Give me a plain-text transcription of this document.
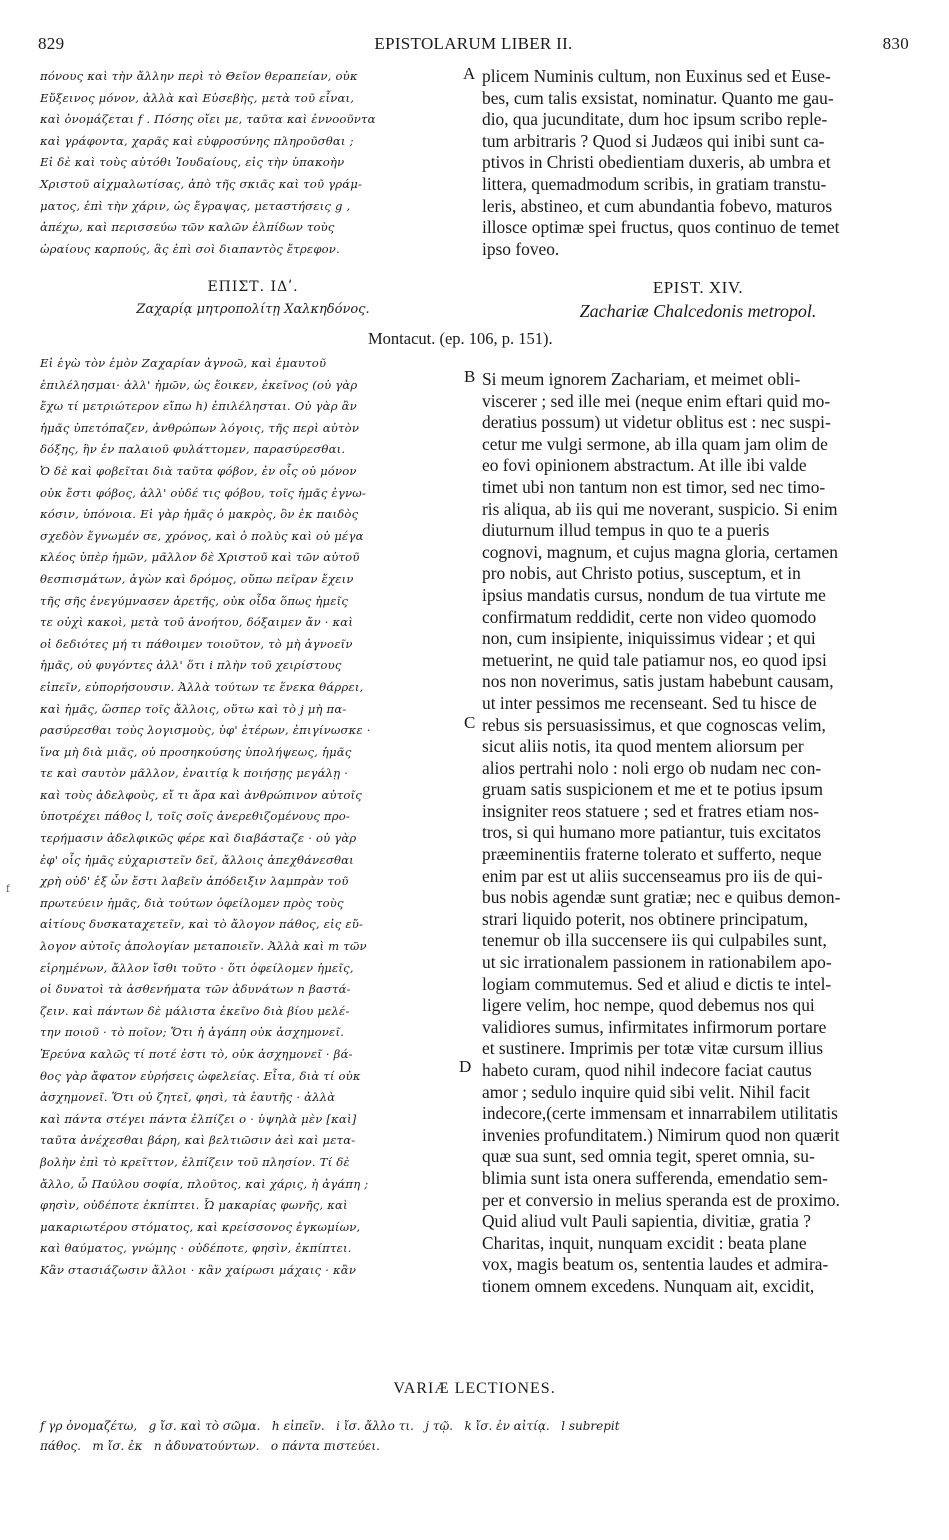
829	EPISTOLARUM LIBER II.	830
πόνους καὶ τὴν ἄλλην περὶ τὸ Θεῖον θεραπείαν, οὐκ
Εὔξεινος μόνον, ἀλλὰ καὶ Εὐσεβὴς, μετὰ τοῦ εἶναι,
καὶ ὀνομάζεται f . Πόσης οἴει με, ταῦτα καὶ ἐννοοῦντα
καὶ γράφοντα, χαρᾶς καὶ εὐφροσύνης πληροῦσθαι ;
Εἰ δὲ καὶ τοὺς αὐτόθι Ἰουδαίους, εἰς τὴν ὑπακοὴν
Χριστοῦ αἰχμαλωτίσας, ἀπὸ τῆς σκιᾶς καὶ τοῦ γράμ-
ματος, ἐπὶ τὴν χάριν, ὡς ἔγραψας, μεταστήσεις g ,
ἀπέχω, καὶ περισσεύω τῶν καλῶν ἐλπίδων τοὺς
ὡραίους καρπούς, ἃς ἐπὶ σοὶ διαπαντὸς ἔτρεφον.
plicem Numinis cultum, non Euxinus sed et Euse-
bes, cum talis exsistat, nominatur. Quanto me gau-
dio, qua jucunditate, dum hoc ipsum scribo reple-
tum arbitraris ? Quod si Judæos qui inibi sunt ca-
ptivos in Christi obedientiam duxeris, ab umbra et
littera, quemadmodum scribis, in gratiam transtu-
leris, abstineo, et cum abundantia fobevo, maturos
illosce optimæ spei fructus, quos continuo de temet
ipso foveo.
ΕΠΙΣΤ. ΙΔʹ.
Ζαχαρίᾳ μητροπολίτῃ Χαλκηδόνος.
EPIST. XIV.
Zachariæ Chalcedonis metropol.
Montacut. (ep. 106, p. 151).
Εἰ ἐγὼ τὸν ἐμὸν Ζαχαρίαν ἀγνοῶ, καὶ ἐμαυτοῦ
ἐπιλέλησμαι· ἀλλ' ἡμῶν, ὡς ἔοικεν, ἐκεῖνος (οὐ γὰρ
ἔχω τί μετριώτερον εἴπω h) ἐπιλέλησται. Οὐ γὰρ ἂν
ἡμᾶς ὑπετόπαζεν, ἀνθρώπων λόγοις, τῆς περὶ αὐτὸν
δόξης, ἣν ἐν παλαιοῦ φυλάττομεν, παρασύρεσθαι.
Ὁ δὲ καὶ φοβεῖται διὰ ταῦτα φόβον, ἐν οἷς οὐ μόνον
οὐκ ἔστι φόβος, ἀλλ' οὐδέ τις φόβου, τοῖς ἡμᾶς ἐγνω-
κόσιν, ὑπόνοια. Εἰ γὰρ ἡμᾶς ὁ μακρὸς, ὃν ἐκ παιδὸς
σχεδὸν ἔγνωμέν σε, χρόνος, καὶ ὁ πολὺς καὶ οὐ μέγα
κλέος ὑπὲρ ἡμῶν, μᾶλλον δὲ Χριστοῦ καὶ τῶν αὐτοῦ
θεσπισμάτων, ἀγὼν καὶ δρόμος, οὔπω πεῖραν ἔχειν
τῆς σῆς ἐνεγύμνασεν ἀρετῆς, οὐκ οἶδα ὅπως ἡμεῖς
τε οὐχὶ κακοὶ, μετὰ τοῦ ἀνοήτου, δόξαιμεν ἄν · καὶ
οἱ δεδιότες μή τι πάθοιμεν τοιοῦτον, τὸ μὴ ἀγνοεῖν
ἡμᾶς, οὐ φυγόντες ἀλλ' ὅτι i πλὴν τοῦ χειρίστους
εἰπεῖν, εὐπορήσουσιν. Ἀλλὰ τούτων τε ἕνεκα θάρρει,
καὶ ἡμᾶς, ὥσπερ τοῖς ἄλλοις, οὕτω καὶ τὸ j μὴ πα-
ρασύρεσθαι τοὺς λογισμοὺς, ὑφ' ἑτέρων, ἐπιγίνωσκε ·
ἵνα μὴ διὰ μιᾶς, οὐ προσηκούσης ὑπολήψεως, ἡμᾶς
τε καὶ σαυτὸν μᾶλλον, ἐναιτίᾳ k ποιήσῃς μεγάλῃ ·
καὶ τοὺς ἀδελφοὺς, εἴ τι ἄρα καὶ ἀνθρώπινον αὐτοῖς
ὑποτρέχει πάθος l, τοῖς σοῖς ἀνερεθιζομένους προ-
τερήμασιν ἀδελφικῶς φέρε καὶ διαβάσταζε · οὐ γὰρ
ἐφ' οἷς ἡμᾶς εὐχαριστεῖν δεῖ, ἄλλοις ἀπεχθάνεσθαι
χρὴ οὐδ' ἐξ ὧν ἔστι λαβεῖν ἀπόδειξιν λαμπρὰν τοῦ
πρωτεύειν ἡμᾶς, διὰ τούτων ὀφείλομεν πρὸς τοὺς
αἰτίους δυσκαταχετεῖν, καὶ τὸ ἄλογον πάθος, εἰς εὔ-
λογον αὐτοῖς ἀπολογίαν μεταποιεῖν. Ἀλλὰ καὶ m τῶν
εἰρημένων, ἄλλον ἴσθι τοῦτο · ὅτι ὀφείλομεν ἡμεῖς,
οἱ δυνατοὶ τὰ ἀσθενήματα τῶν ἀδυνάτων n βαστά-
ζειν. καὶ πάντων δὲ μάλιστα ἐκεῖνο διὰ βίου μελέ-
την ποιοῦ · τὸ ποῖον; Ὅτι ἡ ἀγάπη οὐκ ἀσχημονεῖ.
Ἐρεύνα καλῶς τί ποτέ ἐστι τὸ, οὐκ ἀσχημονεῖ · βά-
θος γὰρ ἄφατον εὑρήσεις ὠφελείας. Εἶτα, διὰ τί οὐκ
ἀσχημονεῖ. Ὅτι οὐ ζητεῖ, φησὶ, τὰ ἑαυτῆς · ἀλλὰ
καὶ πάντα στέγει πάντα ἐλπίζει o · ὑψηλὰ μὲν [καὶ]
ταῦτα ἀνέχεσθαι βάρη, καὶ βελτιῶσιν ἀεὶ καὶ μετα-
βολὴν ἐπὶ τὸ κρεῖττον, ἐλπίζειν τοῦ πλησίον. Τί δὲ
ἄλλο, ὦ Παύλου σοφία, πλοῦτος, καὶ χάρις, ἡ ἀγάπη ;
φησὶν, οὐδέποτε ἐκπίπτει. Ὦ μακαρίας φωνῆς, καὶ
μακαριωτέρου στόματος, καὶ κρείσσονος ἐγκωμίων,
καὶ θαύματος, γνώμης · οὐδέποτε, φησὶν, ἐκπίπτει.
Κἂν στασιάζωσιν ἄλλοι · κἂν χαίρωσι μάχαις · κἂν
Si meum ignorem Zachariam, et meimet obli-
viscerer ; sed ille mei (neque enim eftari quid mo-
deratius possum) ut videtur oblitus est : nec suspi-
cetur me vulgi sermone, ab illa quam jam olim de
eo fovi opinionem abstractum. At ille ibi valde
timet ubi non tantum non est timor, sed nec timo-
ris aliqua, ab iis qui me noverant, suspicio. Si enim
diuturnum illud tempus in quo te a pueris
cognovi, magnum, et cujus magna gloria, certamen
pro nobis, aut Christo potius, susceptum, et in
ipsius mandatis cursus, nondum de tua virtute me
confirmatum reddidit, certe non video quomodo
non, cum insipiente, iniquissimus videar ; et qui
metuerint, ne quid tale patiamur nos, eo quod ipsi
nos non noverimus, satis justam habebunt causam,
ut inter pessimos me recenseant. Sed tu hisce de
rebus sis persuasissimus, et que cognoscas velim,
sicut aliis notis, ita quod mentem aliorsum per
alios pertrahi nolo : noli ergo ob nudam nec con-
gruam satis suspicionem et me et te potius ipsum
insigniter reos statuere ; sed et fratres etiam nos-
tros, si qui humano more patiantur, tuis excitatos
præeminentiis fraterne tolerato et sufferto, neque
enim par est ut aliis succenseamus pro iis de qui-
bus nobis agendæ sunt gratiæ; nec e quibus demon-
strari liquido poterit, nos obtinere principatum,
tenemur ob illa succensere iis qui culpabiles sunt,
ut sic irrationalem passionem in rationabilem apo-
logiam commutemus. Sed et aliud e dictis te intel-
ligere velim, hoc nempe, quod debemus nos qui
validiores sumus, infirmitates infirmorum portare
et sustinere. Imprimis per totæ vitæ cursum illius
habeto curam, quod nihil indecore faciat cautus
amor ; sedulo inquire quid sibi velit. Nihil facit
indecore,(certe immensam et innarrabilem utilitatis
invenies profunditatem.) Nimirum quod non quærit
quæ sua sunt, sed omnia tegit, speret omnia, su-
blimia sunt ista onera sufferenda, emendatio sem-
per et conversio in melius speranda est de proximo.
Quid aliud vult Pauli sapientia, divitiæ, gratia ?
Charitas, inquit, nunquam excidit : beata plane
vox, magis beatum os, sententia laudes et admira-
tionem omnem excedens. Nunquam ait, excidit,
A
B
C
D
f
VARIÆ LECTIONES.
f γρ ὀνομαζέτω,   g ἴσ. καὶ τὸ σῶμα.   h εἰπεῖν.   i ἴσ. ἄλλο τι.   j τῷ.   k ἴσ. ἐν αἰτίᾳ.   l subrepit
πάθος.   m ἴσ. ἐκ   n ἀδυνατούντων.   o πάντα πιστεύει.
